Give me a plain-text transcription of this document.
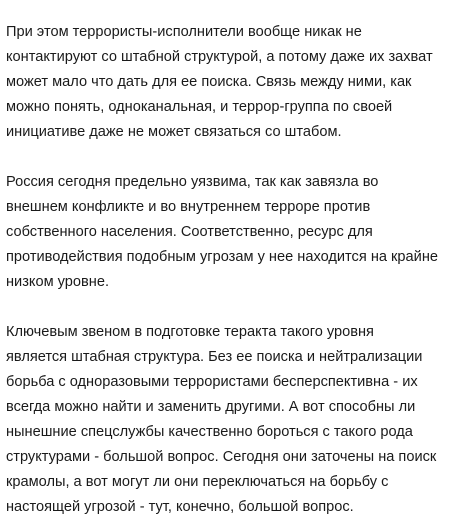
При этом террористы-исполнители вообще никак не
контактируют со штабной структурой, а потому даже их захват
может мало что дать для ее поиска. Связь между ними, как
можно понять, одноканальная, и террор-группа по своей
инициативе даже не может связаться со штабом.

Россия сегодня предельно уязвима, так как завязла во
внешнем конфликте и во внутреннем терроре против
собственного населения. Соответственно, ресурс для
противодействия подобным угрозам у нее находится на крайне
низком уровне.

Ключевым звеном в подготовке теракта такого уровня
является штабная структура. Без ее поиска и нейтрализации
борьба с одноразовыми террористами бесперспективна - их
всегда можно найти и заменить другими. А вот способны ли
нынешние спецслужбы качественно бороться с такого рода
структурами - большой вопрос. Сегодня они заточены на поиск
крамолы, а вот могут ли они переключаться на борьбу с
настоящей угрозой - тут, конечно, большой вопрос.
